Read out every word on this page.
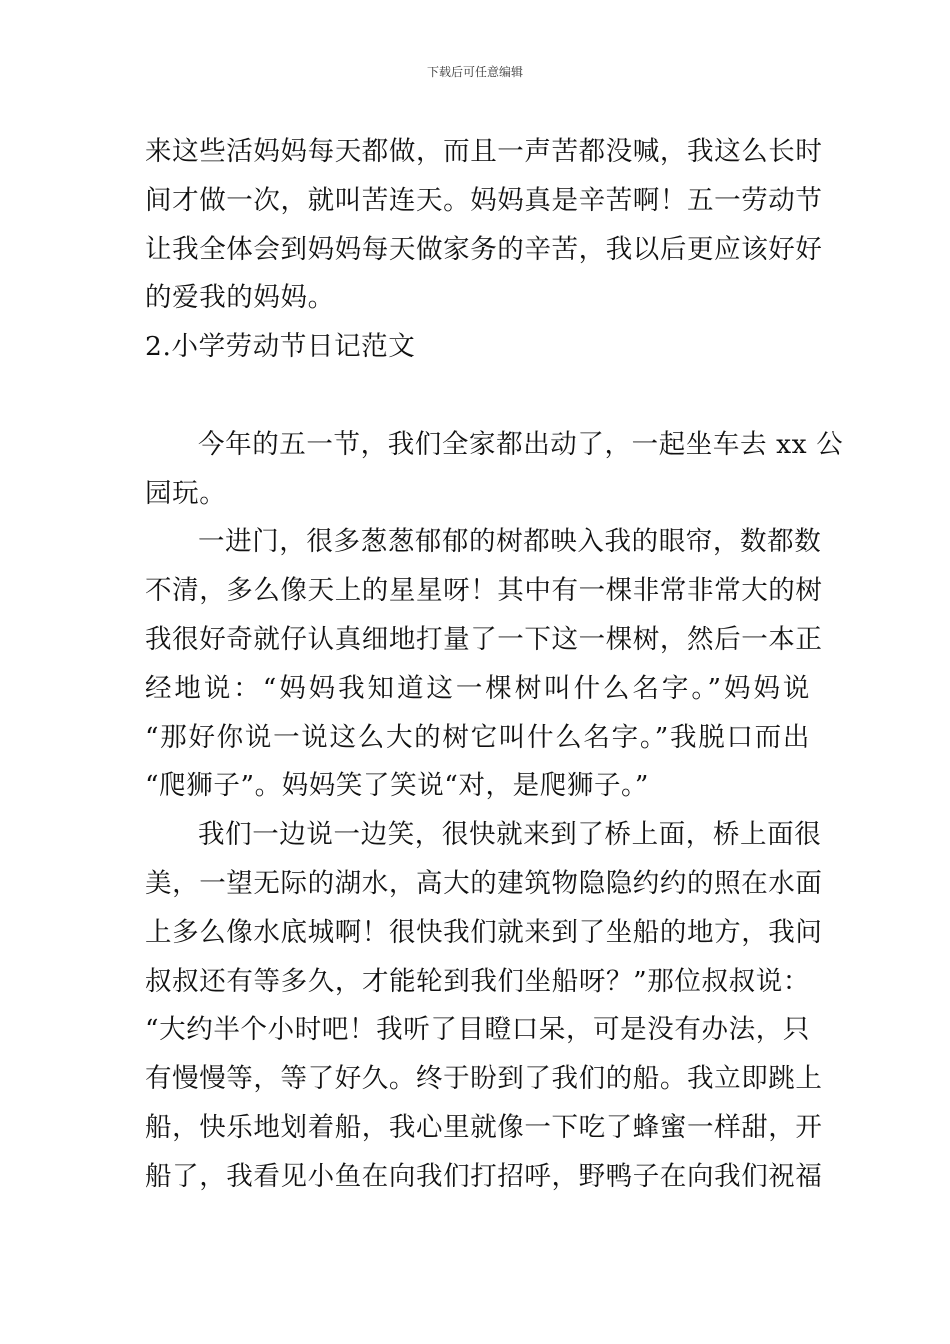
下载后可任意编辑
来这些活妈妈每天都做，而且一声苦都没喊，我这么长时
间才做一次，就叫苦连天。妈妈真是辛苦啊！五一劳动节
让我全体会到妈妈每天做家务的辛苦，我以后更应该好好
的爱我的妈妈。
2.小学劳动节日记范文
今年的五一节，我们全家都出动了，一起坐车去 xx 公
园玩。
一进门，很多葱葱郁郁的树都映入我的眼帘，数都数
不清，多么像天上的星星呀！其中有一棵非常非常大的树
我很好奇就仔认真细地打量了一下这一棵树，然后一本正
经地说：“妈妈我知道这一棵树叫什么名字。”妈妈说
“那好你说一说这么大的树它叫什么名字。”我脱口而出
“爬狮子”。妈妈笑了笑说“对，是爬狮子。”
我们一边说一边笑，很快就来到了桥上面，桥上面很
美，一望无际的湖水，高大的建筑物隐隐约约的照在水面
上多么像水底城啊！很快我们就来到了坐船的地方，我问
叔叔还有等多久，才能轮到我们坐船呀？”那位叔叔说：
“大约半个小时吧！我听了目瞪口呆，可是没有办法，只
有慢慢等，等了好久。终于盼到了我们的船。我立即跳上
船，快乐地划着船，我心里就像一下吃了蜂蜜一样甜，开
船了，我看见小鱼在向我们打招呼，野鸭子在向我们祝福
